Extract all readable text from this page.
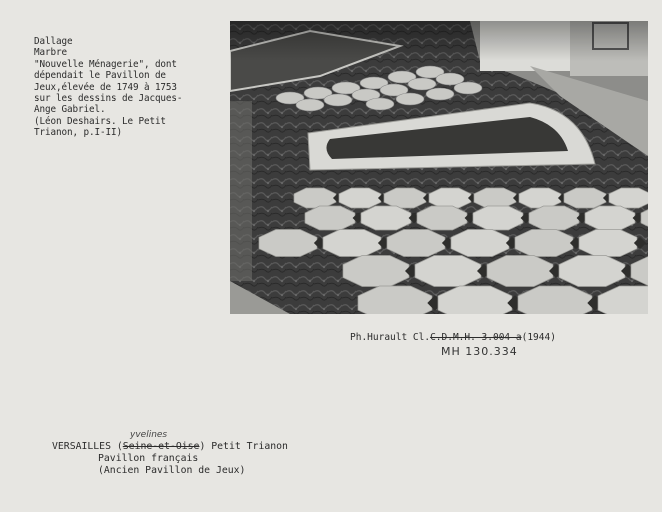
Dallage
Marbre
"Nouvelle Ménagerie", dont
dépendait le Pavillon de
Jeux,élevée de 1749 à 1753
sur les dessins de Jacques-
Ange Gabriel.
(Léon Deshairs. Le Petit
Trianon, p.I-II)
Ph.Hurault Cl.C.D.M.H. 3.004 a(1944)
MH 130.334
yvelines
VERSAILLES (Seine-et-Oise) Petit Trianon
Pavillon français
(Ancien Pavillon de Jeux)
